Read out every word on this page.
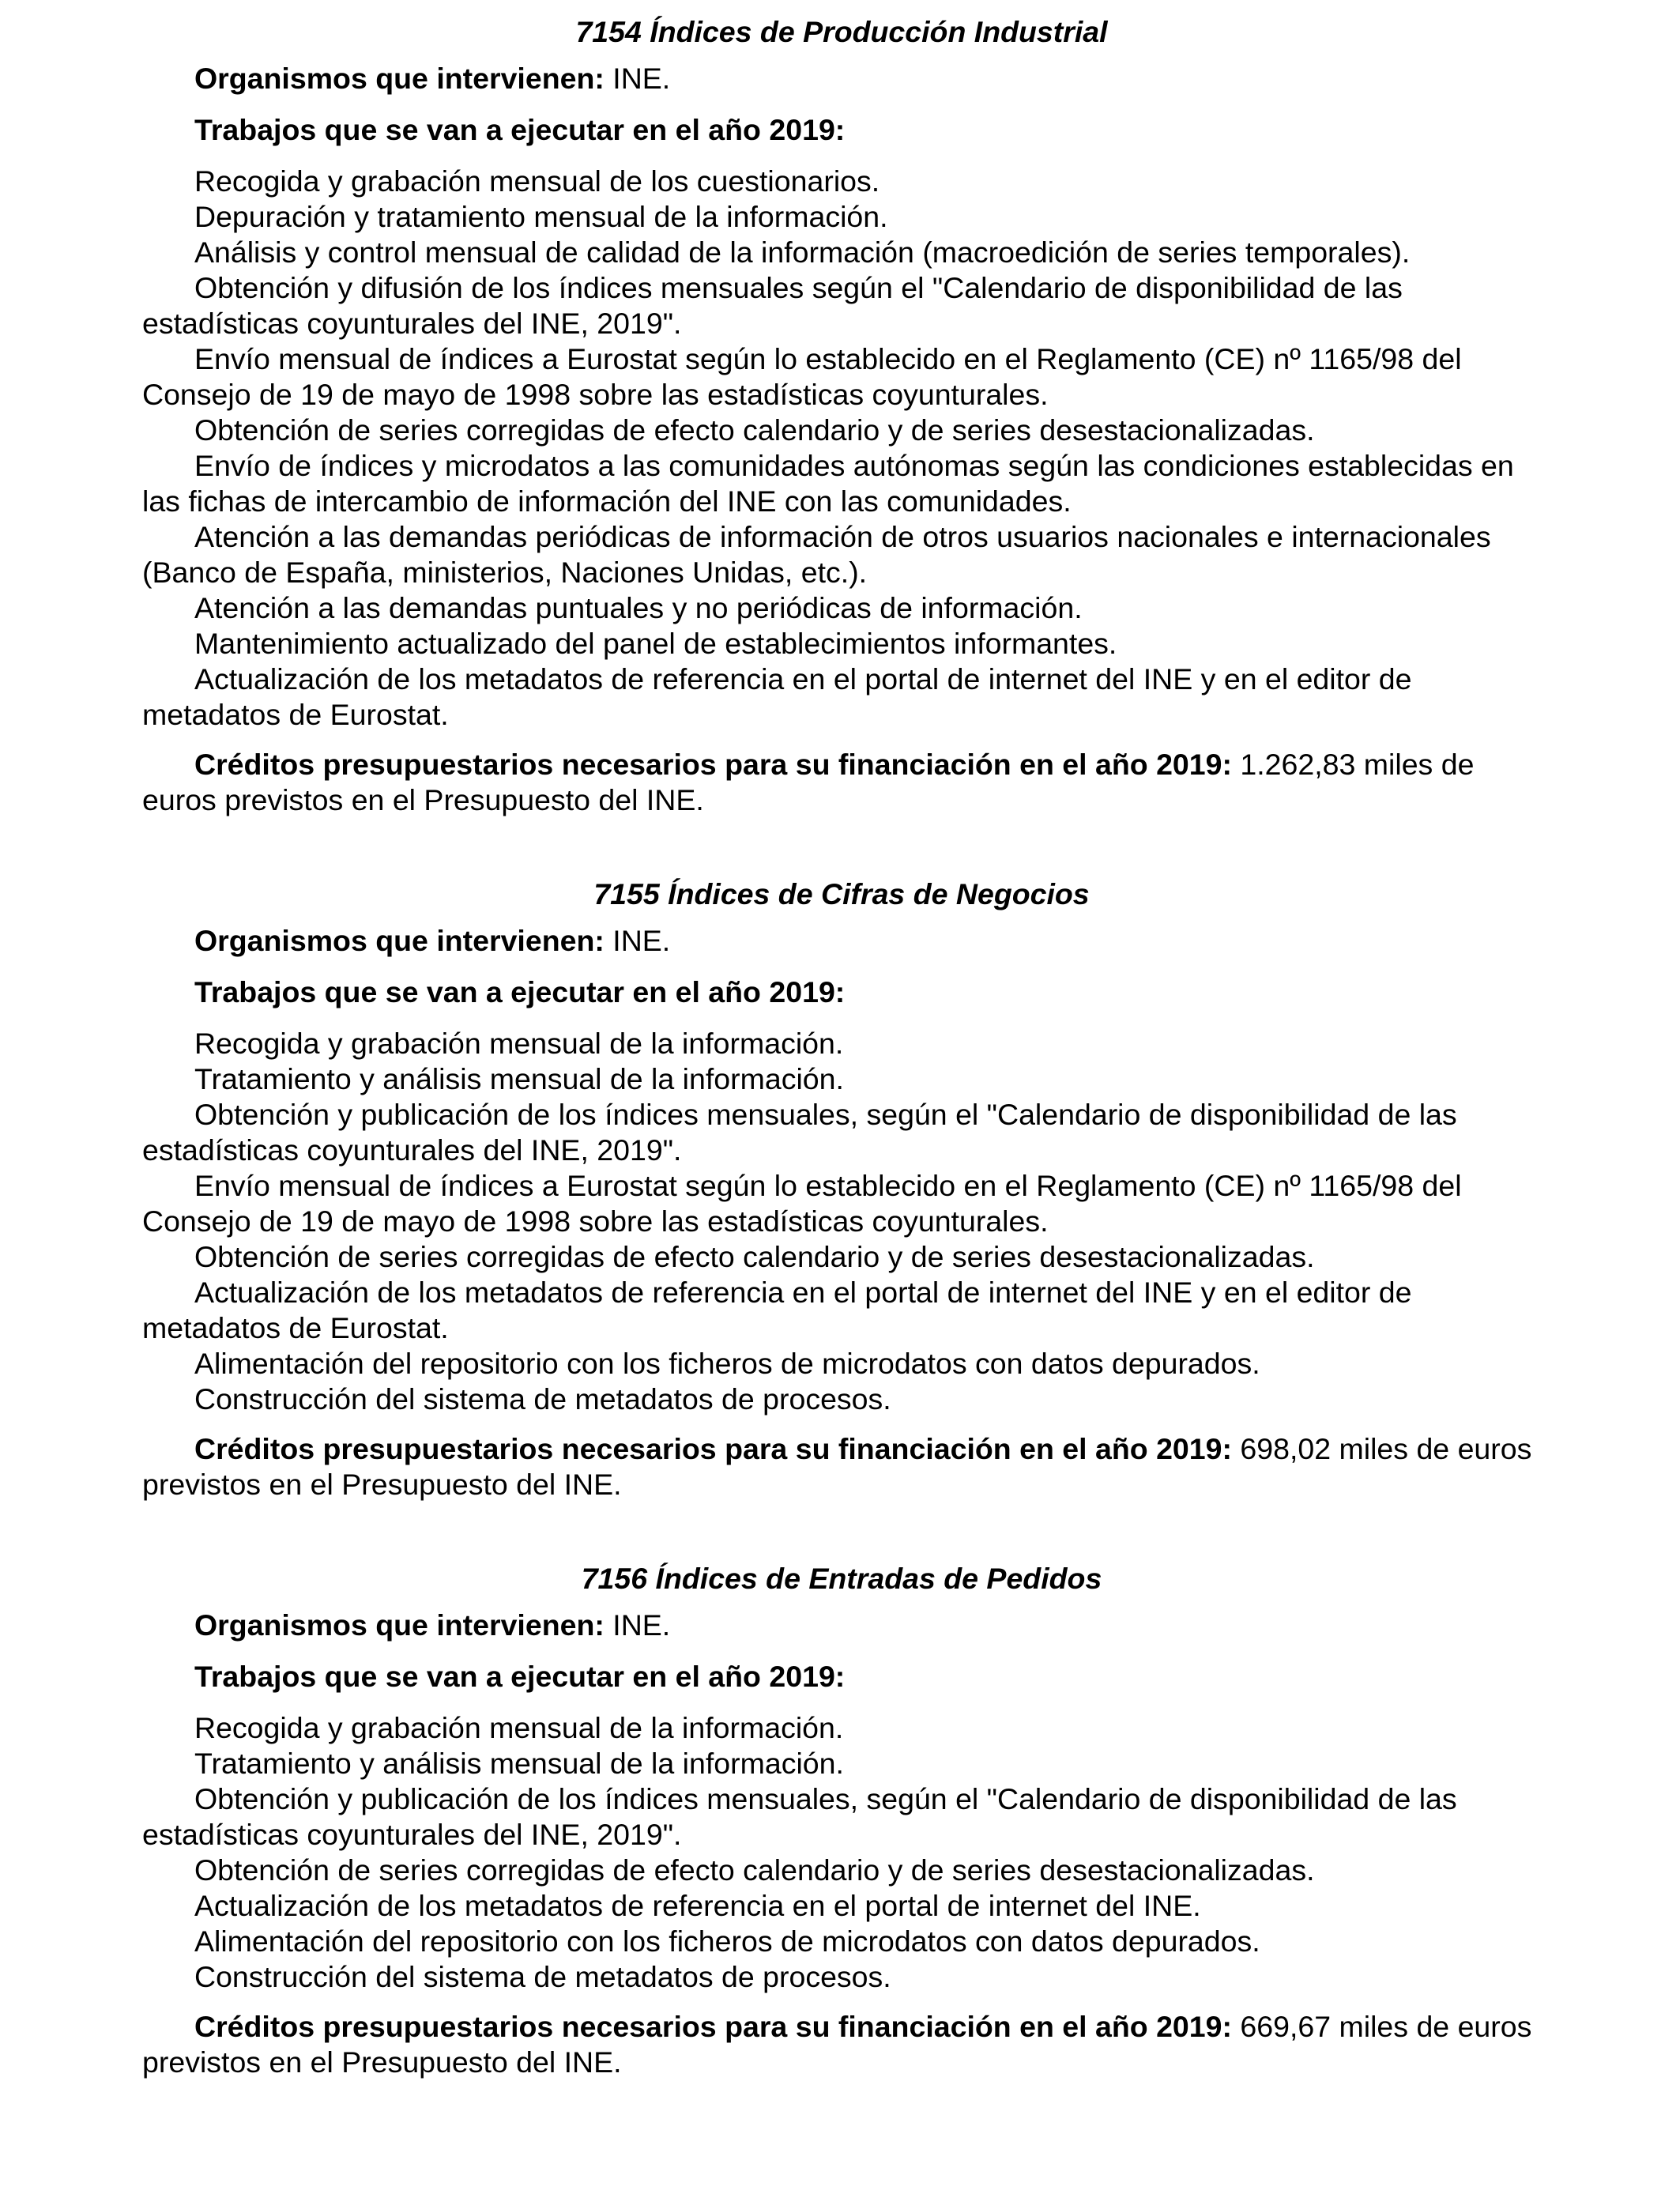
7154 Índices de Producción Industrial

Organismos que intervienen: INE.

Trabajos que se van a ejecutar en el año 2019:

Recogida y grabación mensual de los cuestionarios.
Depuración y tratamiento mensual de la información.
Análisis y control mensual de calidad de la información (macroedición de series temporales).
Obtención y difusión de los índices mensuales según el "Calendario de disponibilidad de las estadísticas coyunturales del INE, 2019".
Envío mensual de índices a Eurostat según lo establecido en el Reglamento (CE) nº 1165/98 del Consejo de 19 de mayo de 1998 sobre las estadísticas coyunturales.
Obtención de series corregidas de efecto calendario y de series desestacionalizadas.
Envío de índices y microdatos a las comunidades autónomas según las condiciones establecidas en las fichas de intercambio de información del INE con las comunidades.
Atención a las demandas periódicas de información de otros usuarios nacionales e internacionales (Banco de España, ministerios, Naciones Unidas, etc.).
Atención a las demandas puntuales y no periódicas de información.
Mantenimiento actualizado del panel de establecimientos informantes.
Actualización de los metadatos de referencia en el portal de internet del INE y en el editor de metadatos de Eurostat.

Créditos presupuestarios necesarios para su financiación en el año 2019: 1.262,83 miles de euros previstos en el Presupuesto del INE.

7155 Índices de Cifras de Negocios

Organismos que intervienen: INE.

Trabajos que se van a ejecutar en el año 2019:

Recogida y grabación mensual de la información.
Tratamiento y análisis mensual de la información.
Obtención y publicación de los índices mensuales, según el "Calendario de disponibilidad de las estadísticas coyunturales del INE, 2019".
Envío mensual de índices a Eurostat según lo establecido en el Reglamento (CE) nº 1165/98 del Consejo de 19 de mayo de 1998 sobre las estadísticas coyunturales.
Obtención de series corregidas de efecto calendario y de series desestacionalizadas.
Actualización de los metadatos de referencia en el portal de internet del INE y en el editor de metadatos de Eurostat.
Alimentación del repositorio con los ficheros de microdatos con datos depurados.
Construcción del sistema de metadatos de procesos.

Créditos presupuestarios necesarios para su financiación en el año 2019: 698,02 miles de euros previstos en el Presupuesto del INE.

7156 Índices de Entradas de Pedidos

Organismos que intervienen: INE.

Trabajos que se van a ejecutar en el año 2019:

Recogida y grabación mensual de la información.
Tratamiento y análisis mensual de la información.
Obtención y publicación de los índices mensuales, según el "Calendario de disponibilidad de las estadísticas coyunturales del INE, 2019".
Obtención de series corregidas de efecto calendario y de series desestacionalizadas.
Actualización de los metadatos de referencia en el portal de internet del INE.
Alimentación del repositorio con los ficheros de microdatos con datos depurados.
Construcción del sistema de metadatos de procesos.

Créditos presupuestarios necesarios para su financiación en el año 2019: 669,67 miles de euros previstos en el Presupuesto del INE.
